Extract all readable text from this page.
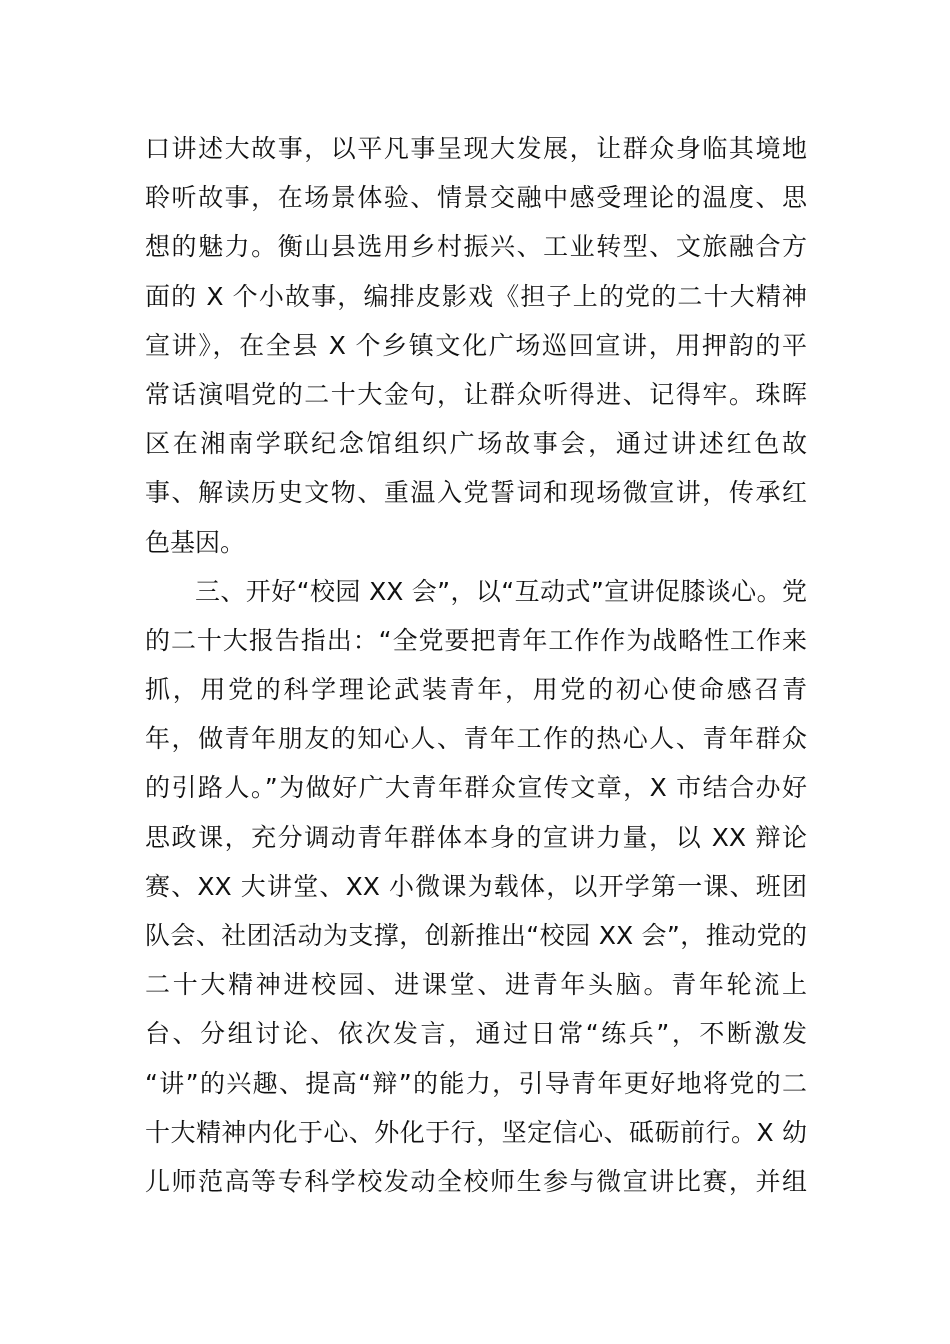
口讲述大故事，以平凡事呈现大发展，让群众身临其境地
聆听故事，在场景体验、情景交融中感受理论的温度、思
想的魅力。衡山县选用乡村振兴、工业转型、文旅融合方
面的 X 个小故事，编排皮影戏《担子上的党的二十大精神
宣讲》，在全县 X 个乡镇文化广场巡回宣讲，用押韵的平
常话演唱党的二十大金句，让群众听得进、记得牢。珠晖
区在湘南学联纪念馆组织广场故事会，通过讲述红色故
事、解读历史文物、重温入党誓词和现场微宣讲，传承红
色基因。
三、开好“校园 XX 会”，以“互动式”宣讲促膝谈心。党
的二十大报告指出：“全党要把青年工作作为战略性工作来
抓，用党的科学理论武装青年，用党的初心使命感召青
年，做青年朋友的知心人、青年工作的热心人、青年群众
的引路人。”为做好广大青年群众宣传文章，X 市结合办好
思政课，充分调动青年群体本身的宣讲力量，以 XX 辩论
赛、XX 大讲堂、XX 小微课为载体，以开学第一课、班团
队会、社团活动为支撑，创新推出“校园 XX 会”，推动党的
二十大精神进校园、进课堂、进青年头脑。青年轮流上
台、分组讨论、依次发言，通过日常“练兵”，不断激发
“讲”的兴趣、提高“辩”的能力，引导青年更好地将党的二
十大精神内化于心、外化于行，坚定信心、砥砺前行。X 幼
儿师范高等专科学校发动全校师生参与微宣讲比赛，并组
